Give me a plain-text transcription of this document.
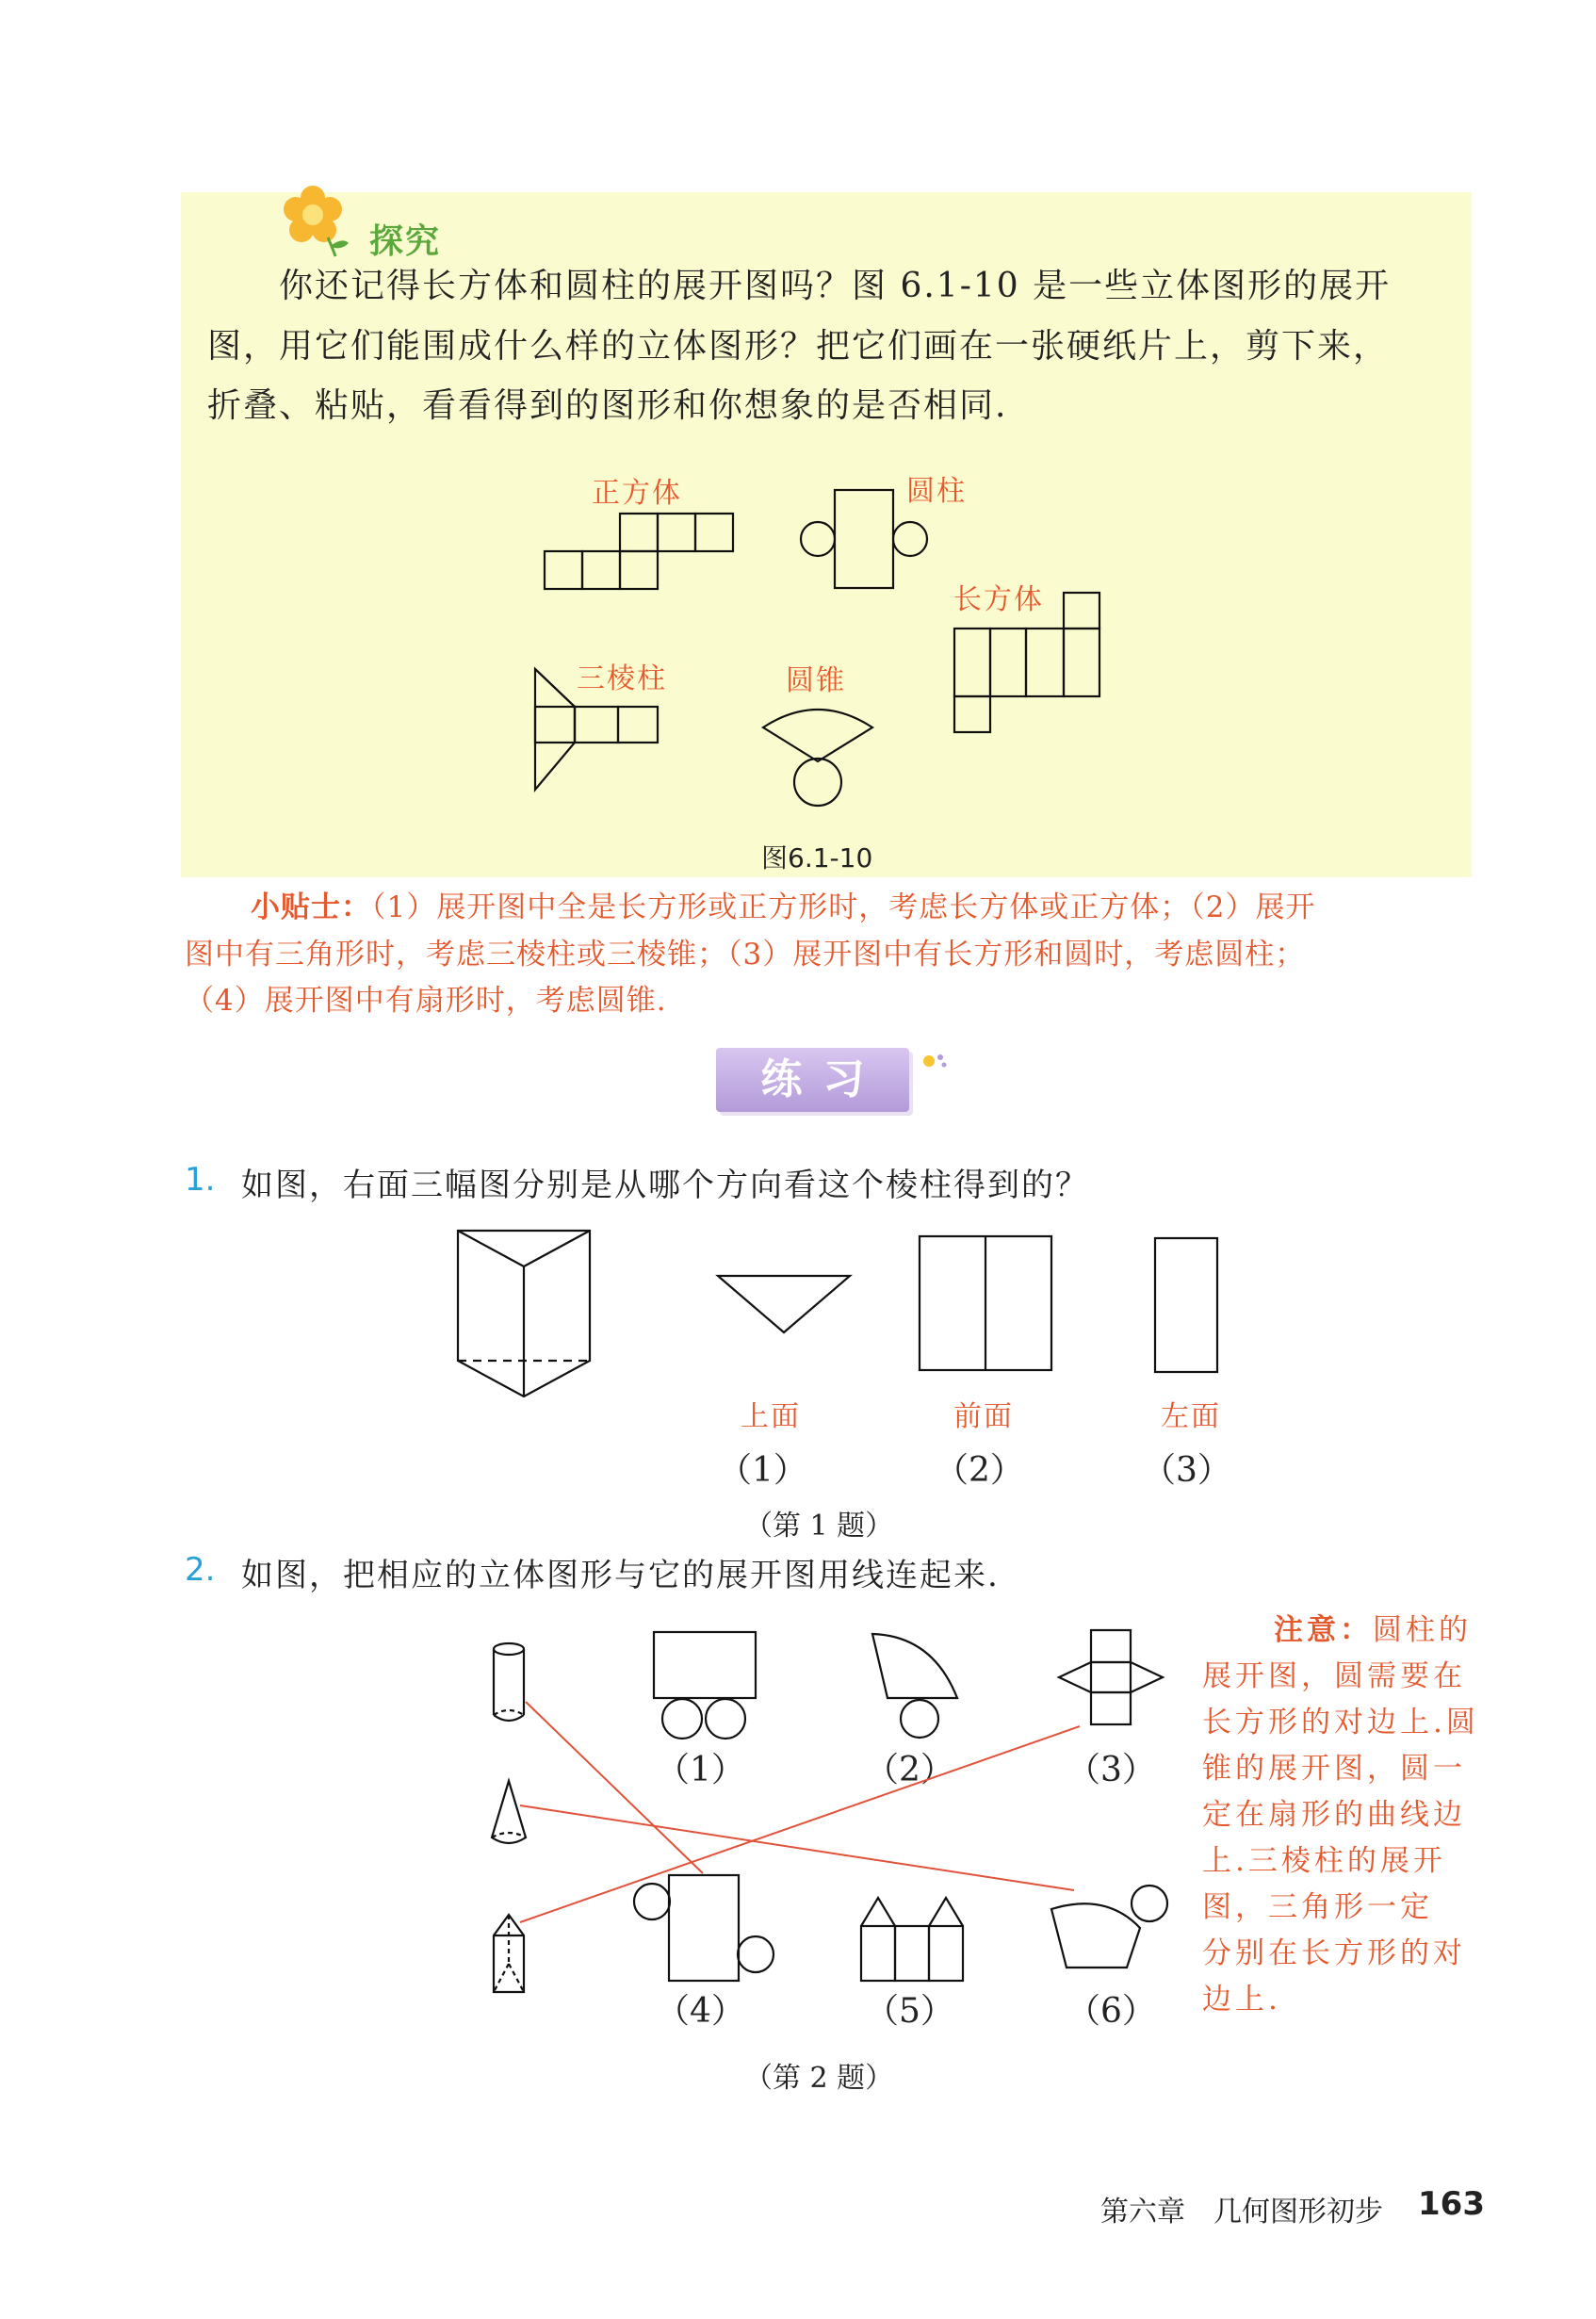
探究
你还记得长方体和圆柱的展开图吗？图 6.1-10 是一些立体图形的展开
图，用它们能围成什么样的立体图形？把它们画在一张硬纸片上，剪下来，
折叠、粘贴，看看得到的图形和你想象的是否相同.
正方体	圆柱
长方体
三棱柱	圆锥
图6.1-10
小贴士：（1）展开图中全是长方形或正方形时，考虑长方体或正方体；（2）展开
图中有三角形时，考虑三棱柱或三棱锥；（3）展开图中有长方形和圆时，考虑圆柱；
（4）展开图中有扇形时，考虑圆锥.
练习
1. 如图，右面三幅图分别是从哪个方向看这个棱柱得到的？
上面	前面	左面
（1）	（2）	（3）
（第 1 题）
2. 如图，把相应的立体图形与它的展开图用线连起来.
（1）	（2）	（3）
（4）	（5）	（6）
注意：圆柱的
展开图，圆需要在
长方形的对边上.圆
锥的展开图，圆一
定在扇形的曲线边
上.三棱柱的展开
图，三角形一定
分别在长方形的对
边上.
（第 2 题）
第六章　几何图形初步 163
